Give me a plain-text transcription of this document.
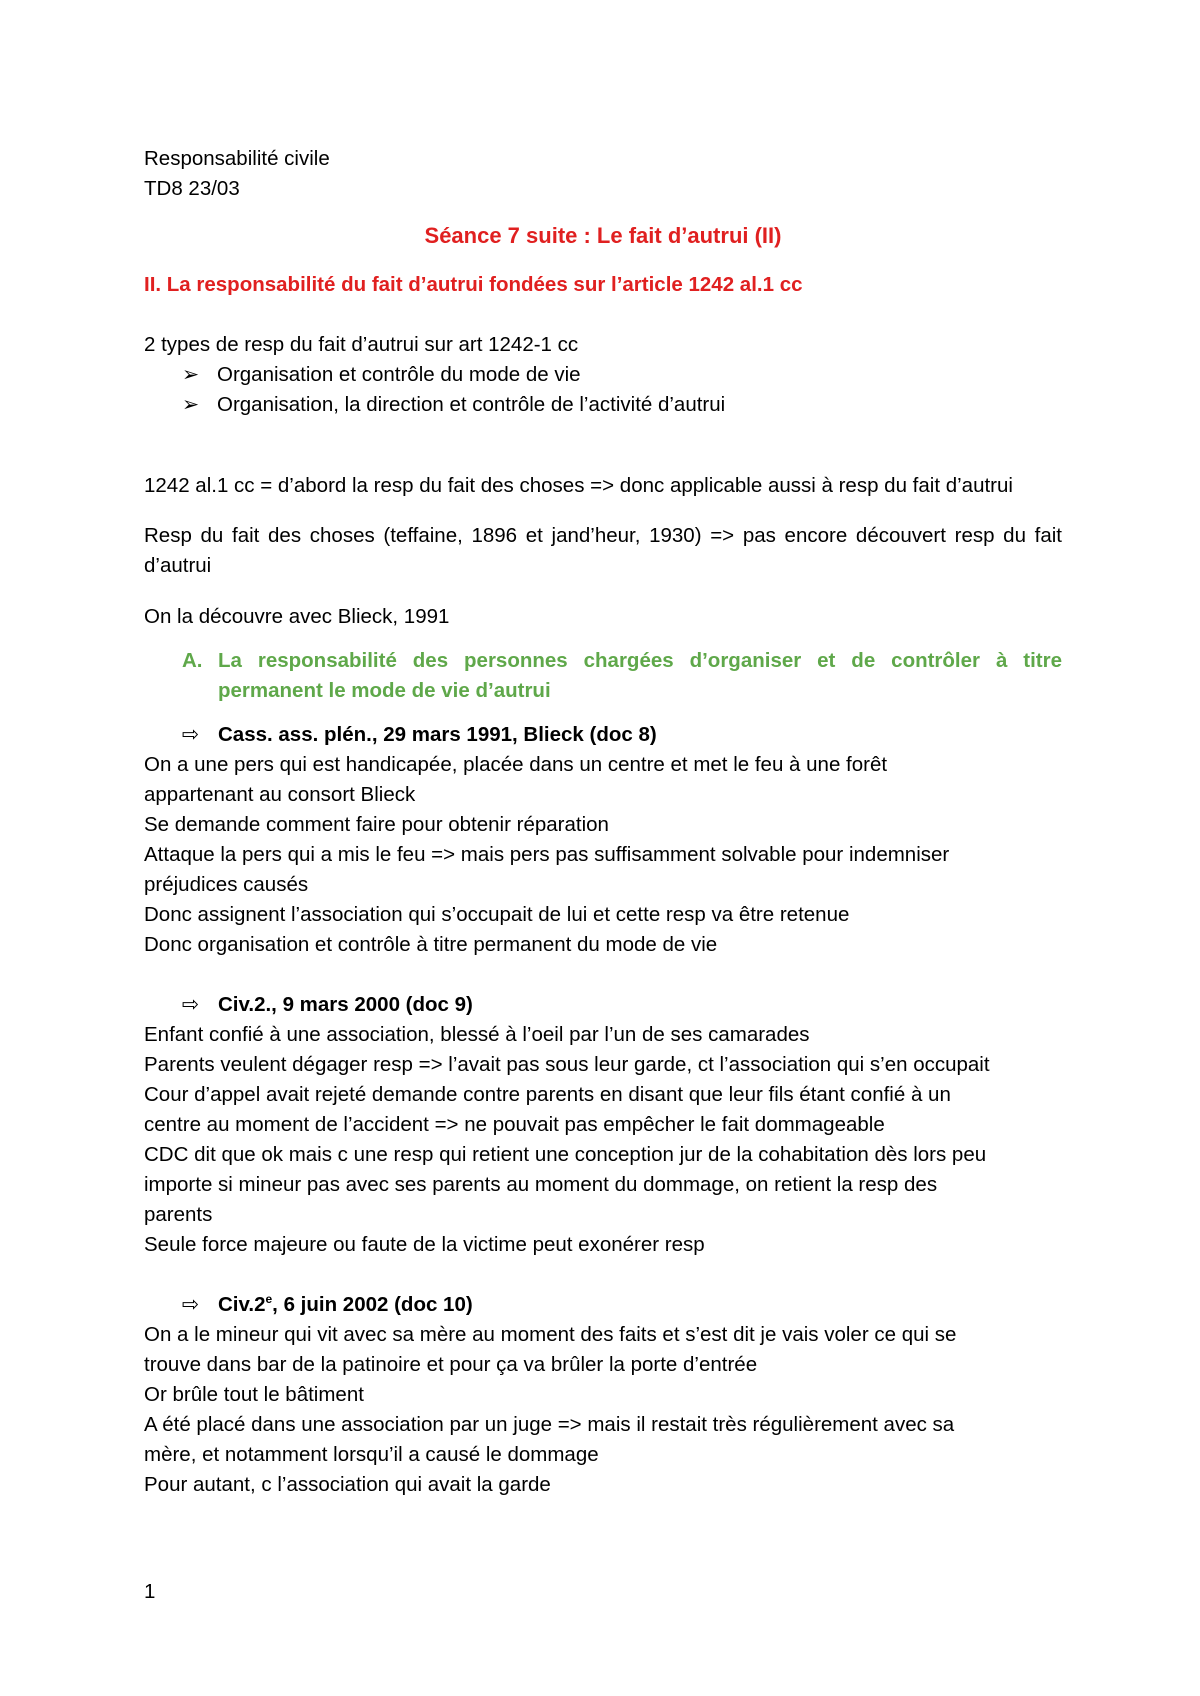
Responsabilité civile

TD8 23/03

Séance 7 suite : Le fait d’autrui (II)

II. La responsabilité du fait d’autrui fondées sur l’article 1242 al.1 cc

2 types de resp du fait d’autrui sur art 1242-1 cc

➢ Organisation et contrôle du mode de vie

➢ Organisation, la direction et contrôle de l’activité d’autrui

1242 al.1 cc = d’abord la resp du fait des choses => donc applicable aussi à resp du fait d’autrui

Resp du fait des choses (teffaine, 1896 et jand’heur, 1930) => pas encore découvert resp du fait d’autrui

On la découvre avec Blieck, 1991

A. La responsabilité des personnes chargées d’organiser et de contrôler à titre permanent le mode de vie d’autrui

⇨ Cass. ass. plén., 29 mars 1991, Blieck (doc 8)

On a une pers qui est handicapée, placée dans un centre et met le feu à une forêt

appartenant au consort Blieck

Se demande comment faire pour obtenir réparation

Attaque la pers qui a mis le feu => mais pers pas suffisamment solvable pour indemniser

préjudices causés

Donc assignent l’association qui s’occupait de lui et cette resp va être retenue

Donc organisation et contrôle à titre permanent du mode de vie

⇨ Civ.2., 9 mars 2000 (doc 9)

Enfant confié à une association, blessé à l’oeil par l’un de ses camarades

Parents veulent dégager resp => l’avait pas sous leur garde, ct l’association qui s’en occupait

Cour d’appel avait rejeté demande contre parents en disant que leur fils étant confié à un

centre au moment de l’accident => ne pouvait pas empêcher le fait dommageable

CDC dit que ok mais c une resp qui retient une conception jur de la cohabitation dès lors peu

importe si mineur pas avec ses parents au moment du dommage, on retient la resp des

parents

Seule force majeure ou faute de la victime peut exonérer resp

⇨ Civ.2e, 6 juin 2002 (doc 10)

On a le mineur qui vit avec sa mère au moment des faits et s’est dit je vais voler ce qui se

trouve dans bar de la patinoire et pour ça va brûler la porte d’entrée

Or brûle tout le bâtiment

A été placé dans une association par un juge => mais il restait très régulièrement avec sa

mère, et notamment lorsqu’il a causé le dommage

Pour autant, c l’association qui avait la garde

1
